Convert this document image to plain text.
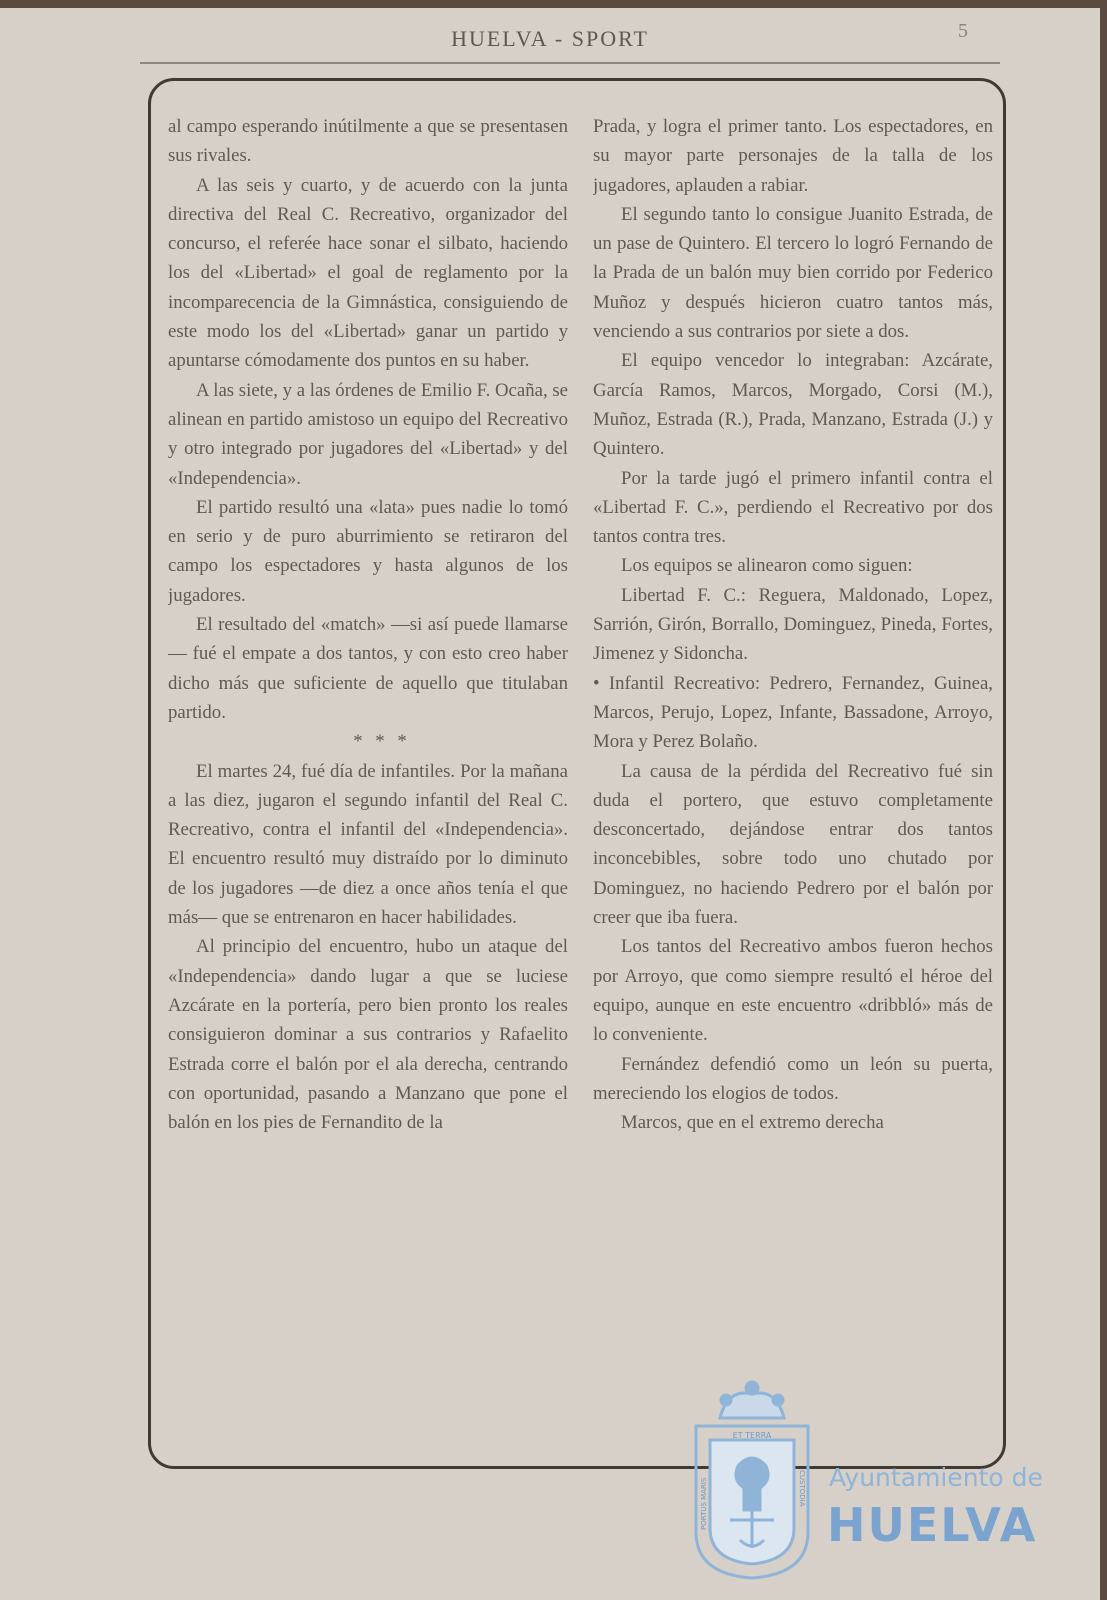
HUELVA - SPORT	5

al campo esperando inútilmente a que se presentasen sus rivales.

A las seis y cuarto, y de acuerdo con la junta directiva del Real C. Recreativo, organizador del concurso, el referée hace sonar el silbato, haciendo los del «Libertad» el goal de reglamento por la incomparecencia de la Gimnástica, consiguiendo de este modo los del «Libertad» ganar un partido y apuntarse cómodamente dos puntos en su haber.

A las siete, y a las órdenes de Emilio F. Ocaña, se alinean en partido amistoso un equipo del Recreativo y otro integrado por jugadores del «Libertad» y del «Independencia».

El partido resultó una «lata» pues nadie lo tomó en serio y de puro aburrimiento se retiraron del campo los espectadores y hasta algunos de los jugadores.

El resultado del «match» —si así puede llamarse— fué el empate a dos tantos, y con esto creo haber dicho más que suficiente de aquello que titulaban partido.

* * *

El martes 24, fué día de infantiles. Por la mañana a las diez, jugaron el segundo infantil del Real C. Recreativo, contra el infantil del «Independencia». El encuentro resultó muy distraído por lo diminuto de los jugadores —de diez a once años tenía el que más— que se entrenaron en hacer habilidades.

Al principio del encuentro, hubo un ataque del «Independencia» dando lugar a que se luciese Azcárate en la portería, pero bien pronto los reales consiguieron dominar a sus contrarios y Rafaelito Estrada corre el balón por el ala derecha, centrando con oportunidad, pasando a Manzano que pone el balón en los pies de Fernandito de la

Prada, y logra el primer tanto. Los espectadores, en su mayor parte personajes de la talla de los jugadores, aplauden a rabiar.

El segundo tanto lo consigue Juanito Estrada, de un pase de Quintero. El tercero lo logró Fernando de la Prada de un balón muy bien corrido por Federico Muñoz y después hicieron cuatro tantos más, venciendo a sus contrarios por siete a dos.

El equipo vencedor lo integraban: Azcárate, García Ramos, Marcos, Morgado, Corsi (M.), Muñoz, Estrada (R.), Prada, Manzano, Estrada (J.) y Quintero.

Por la tarde jugó el primero infantil contra el «Libertad F. C.», perdiendo el Recreativo por dos tantos contra tres.

Los equipos se alinearon como siguen:

Libertad F. C.: Reguera, Maldonado, Lopez, Sarrión, Girón, Borrallo, Dominguez, Pineda, Fortes, Jimenez y Sidoncha.

• Infantil Recreativo: Pedrero, Fernandez, Guinea, Marcos, Perujo, Lopez, Infante, Bassadone, Arroyo, Mora y Perez Bolaño.

La causa de la pérdida del Recreativo fué sin duda el portero, que estuvo completamente desconcertado, dejándose entrar dos tantos inconcebibles, sobre todo uno chutado por Dominguez, no haciendo Pedrero por el balón por creer que iba fuera.

Los tantos del Recreativo ambos fueron hechos por Arroyo, que como siempre resultó el héroe del equipo, aunque en este encuentro «dribbló» más de lo conveniente.

Fernández defendió como un león su puerta, mereciendo los elogios de todos.

Marcos, que en el extremo derecha

ET TERRA
PORTUS MARIS	CUSTODIA Ayuntamiento de
HUELVA
